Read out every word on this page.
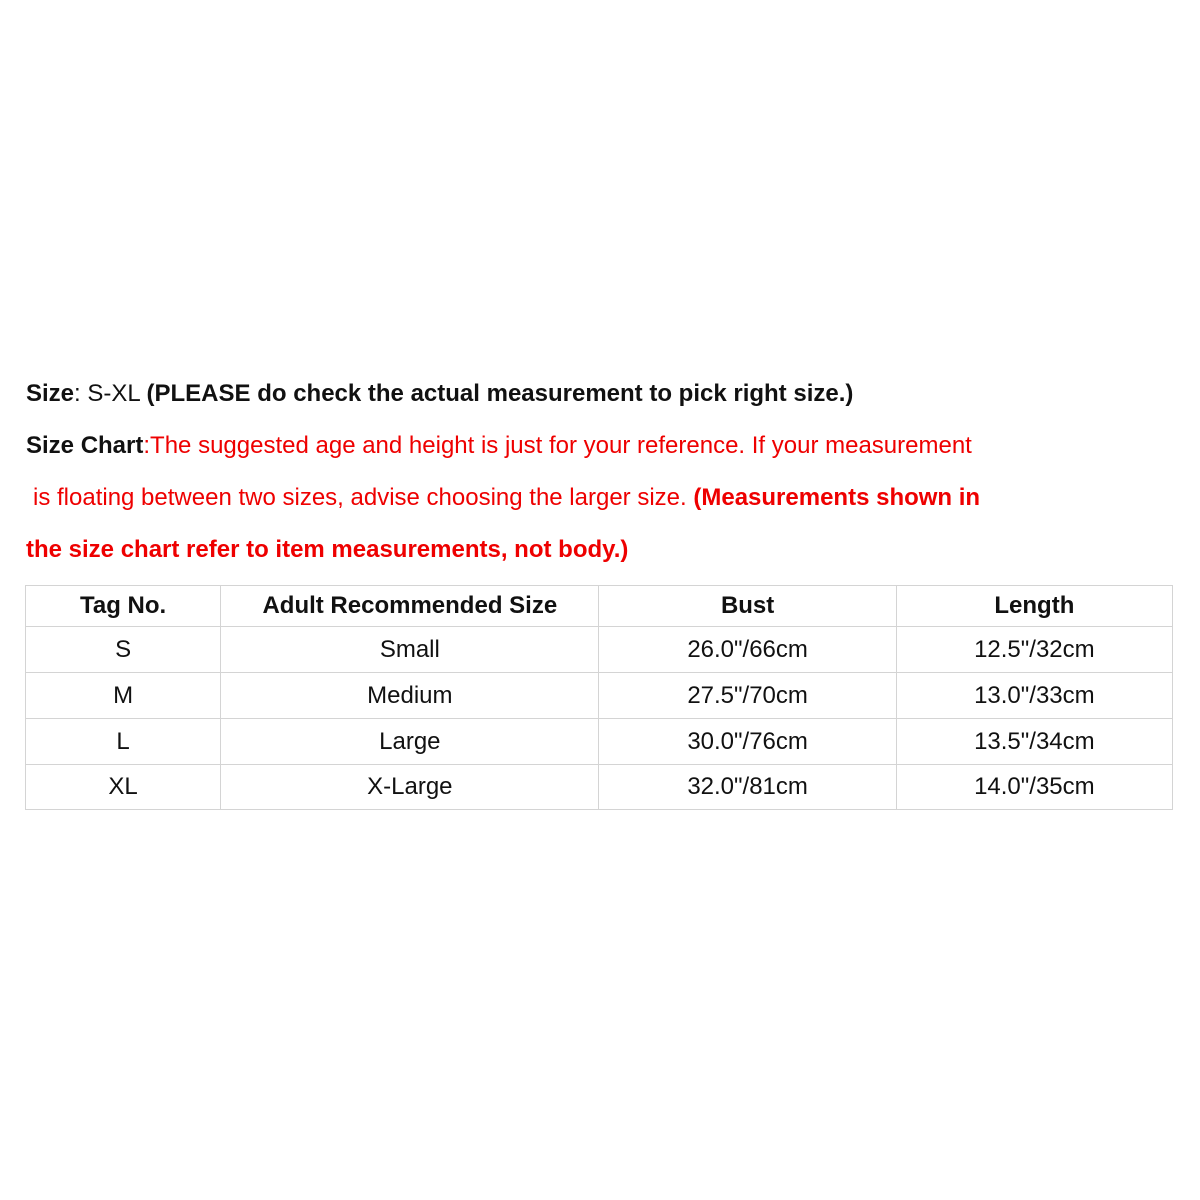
Size: S-XL (PLEASE do check the actual measurement to pick right size.)
Size Chart:The suggested age and height is just for your reference. If your measurement
is floating between two sizes, advise choosing the larger size. (Measurements shown in
the size chart refer to item measurements, not body.)
Tag No.	Adult Recommended Size	Bust	Length
S	Small	26.0"/66cm	12.5"/32cm
M	Medium	27.5"/70cm	13.0"/33cm
L	Large	30.0"/76cm	13.5"/34cm
XL	X-Large	32.0"/81cm	14.0"/35cm
